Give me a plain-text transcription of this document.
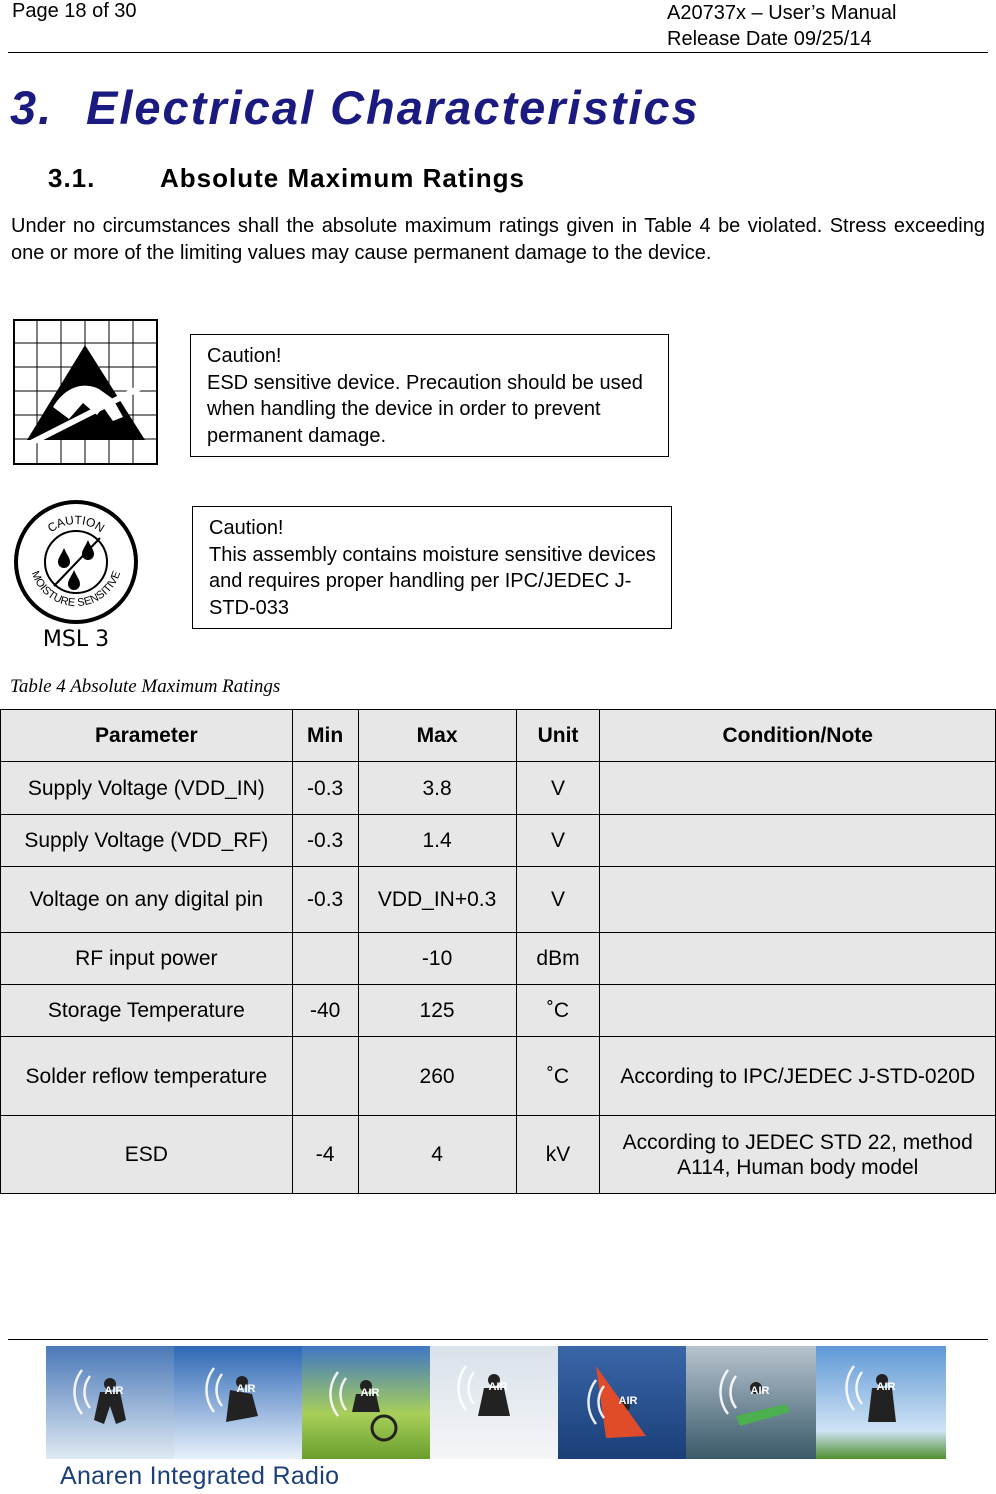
Page 18 of 30	A20737x – User’s Manual
Release Date 09/25/14
3. Electrical Characteristics
3.1. Absolute Maximum Ratings
Under no circumstances shall the absolute maximum ratings given in Table 4 be violated. Stress exceeding one or more of the limiting values may cause permanent damage to the device.
Caution!
ESD sensitive device. Precaution should be used when handling the device in order to prevent permanent damage.
CAUTION
MOISTURE SENSITIVE
MSL 3
Caution!
This assembly contains moisture sensitive devices and requires proper handling per IPC/JEDEC J-STD-033
Table 4 Absolute Maximum Ratings
Parameter	Min	Max	Unit	Condition/Note
Supply Voltage (VDD_IN)	-0.3	3.8	V	
Supply Voltage (VDD_RF)	-0.3	1.4	V	
Voltage on any digital pin	-0.3	VDD_IN+0.3	V	
RF input power		-10	dBm	
Storage Temperature	-40	125	˚C	
Solder reflow temperature		260	˚C	According to IPC/JEDEC J-STD-020D
ESD	-4	4	kV	According to JEDEC STD 22, method A114, Human body model
AIR	AIR	AIR	AIR
AIR
AIR	AIR
Anaren Integrated Radio
